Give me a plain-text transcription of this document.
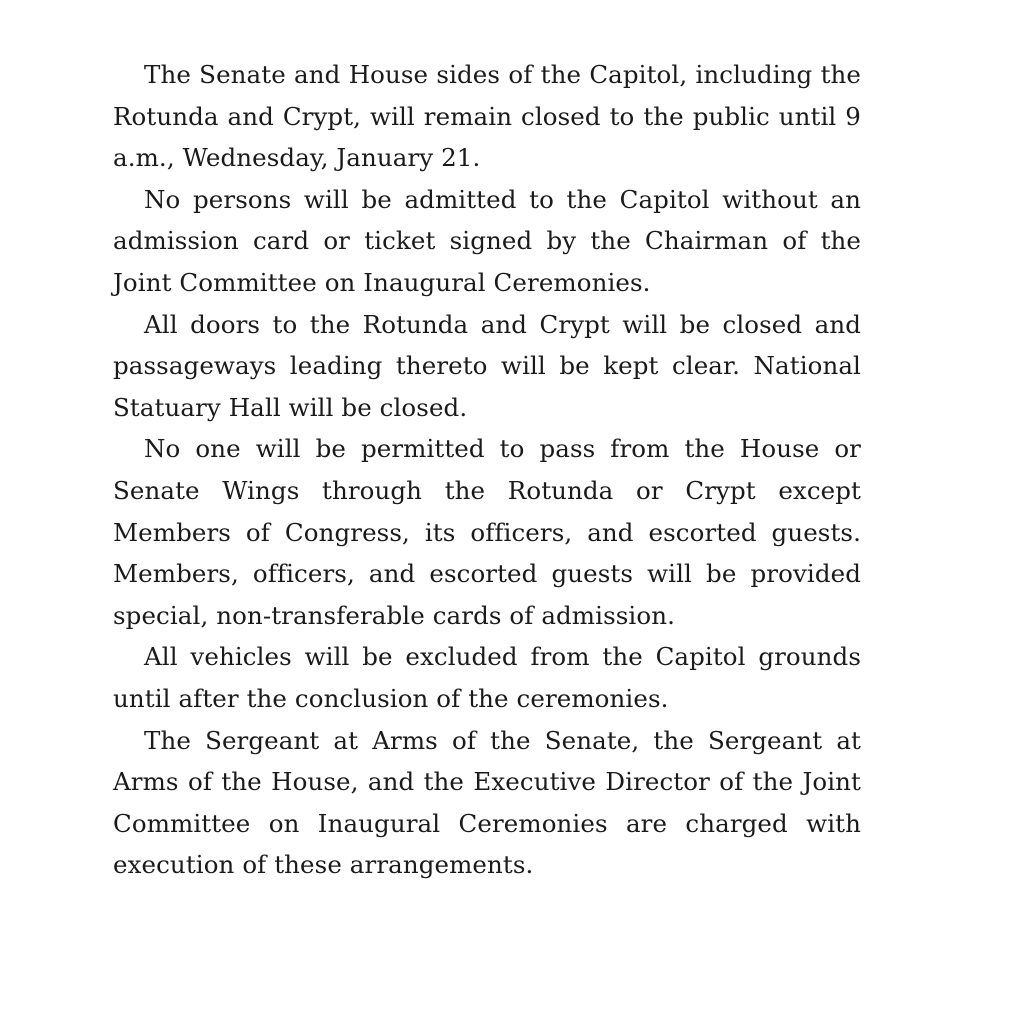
The Senate and House sides of the Capitol, including the Rotunda and Crypt, will remain closed to the public until 9 a.m., Wednesday, January 21.

No persons will be admitted to the Capitol without an admission card or ticket signed by the Chairman of the Joint Committee on Inaugural Ceremonies.

All doors to the Rotunda and Crypt will be closed and passageways leading thereto will be kept clear. National Statuary Hall will be closed.

No one will be permitted to pass from the House or Senate Wings through the Rotunda or Crypt except Members of Congress, its officers, and escorted guests. Members, officers, and escorted guests will be provided special, non-transferable cards of admission.

All vehicles will be excluded from the Capitol grounds until after the conclusion of the ceremonies.

The Sergeant at Arms of the Senate, the Sergeant at Arms of the House, and the Executive Director of the Joint Committee on Inaugural Ceremonies are charged with execution of these arrangements.
